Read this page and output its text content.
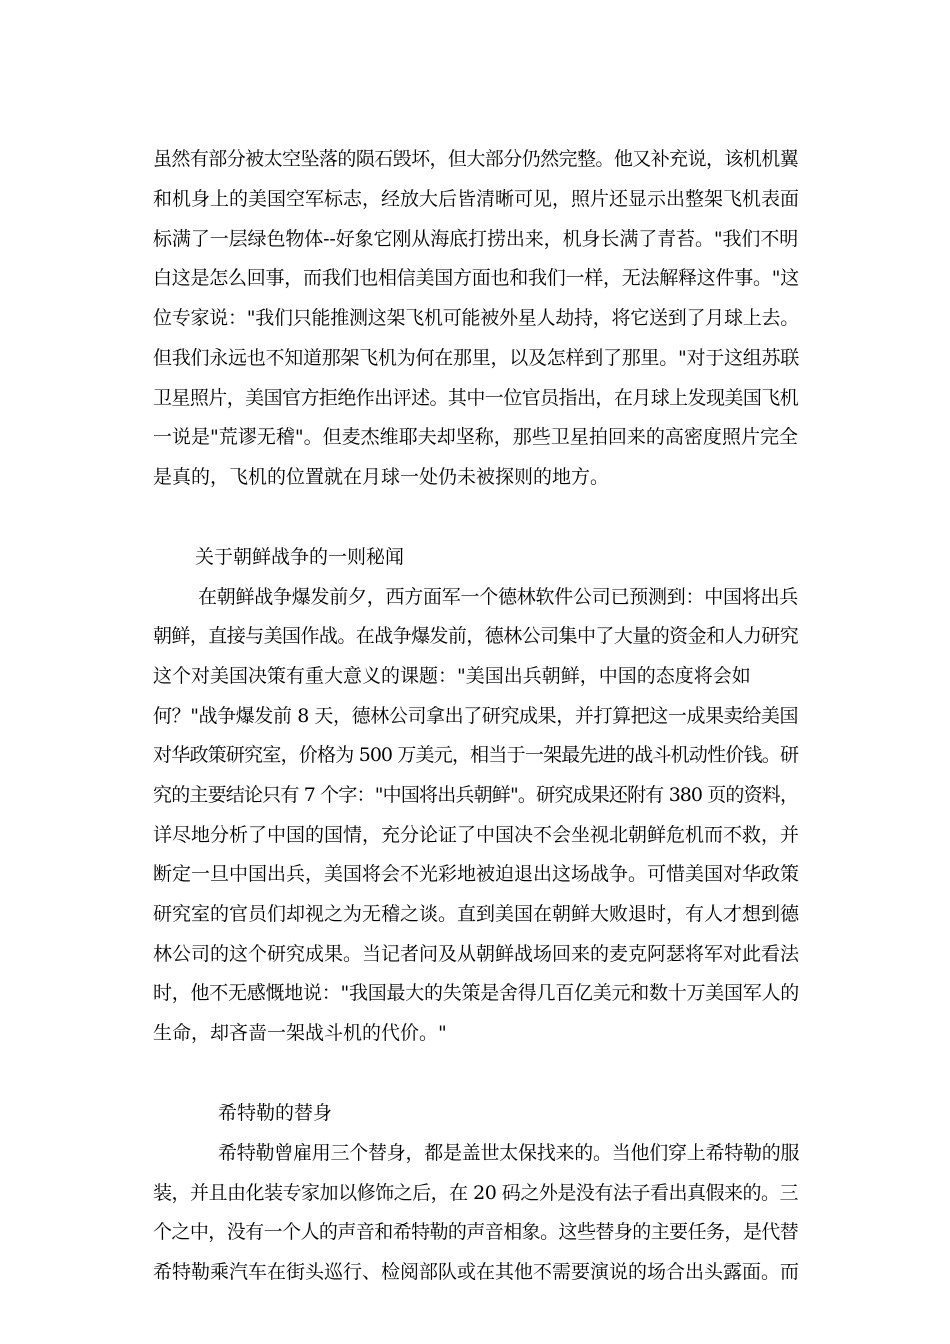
虽然有部分被太空坠落的陨石毁坏，但大部分仍然完整。他又补充说，该机机翼
和机身上的美国空军标志，经放大后皆清晰可见，照片还显示出整架飞机表面
标满了一层绿色物体--好象它刚从海底打捞出来，机身长满了青苔。"我们不明
白这是怎么回事，而我们也相信美国方面也和我们一样，无法解释这件事。"这
位专家说："我们只能推测这架飞机可能被外星人劫持，将它送到了月球上去。
但我们永远也不知道那架飞机为何在那里，以及怎样到了那里。"对于这组苏联
卫星照片，美国官方拒绝作出评述。其中一位官员指出，在月球上发现美国飞机
一说是"荒谬无稽"。但麦杰维耶夫却坚称，那些卫星拍回来的高密度照片完全
是真的，飞机的位置就在月球一处仍未被探则的地方。
关于朝鲜战争的一则秘闻
在朝鲜战争爆发前夕，西方面军一个德林软件公司已预测到：中国将出兵
朝鲜，直接与美国作战。在战争爆发前，德林公司集中了大量的资金和人力研究
这个对美国决策有重大意义的课题："美国出兵朝鲜，中国的态度将会如
何？"战争爆发前 8 天，德林公司拿出了研究成果，并打算把这一成果卖给美国
对华政策研究室，价格为 500 万美元，相当于一架最先进的战斗机动性价钱。研
究的主要结论只有 7 个字："中国将出兵朝鲜"。研究成果还附有 380 页的资料，
详尽地分析了中国的国情，充分论证了中国决不会坐视北朝鲜危机而不救，并
断定一旦中国出兵，美国将会不光彩地被迫退出这场战争。可惜美国对华政策
研究室的官员们却视之为无稽之谈。直到美国在朝鲜大败退时，有人才想到德
林公司的这个研究成果。当记者问及从朝鲜战场回来的麦克阿瑟将军对此看法
时，他不无感慨地说："我国最大的失策是舍得几百亿美元和数十万美国军人的
生命，却吝啬一架战斗机的代价。"
希特勒的替身
希特勒曾雇用三个替身，都是盖世太保找来的。当他们穿上希特勒的服
装，并且由化装专家加以修饰之后，在 20 码之外是没有法子看出真假来的。三
个之中，没有一个人的声音和希特勒的声音相象。这些替身的主要任务，是代替
希特勒乘汽车在街头巡行、检阅部队或在其他不需要演说的场合出头露面。而
